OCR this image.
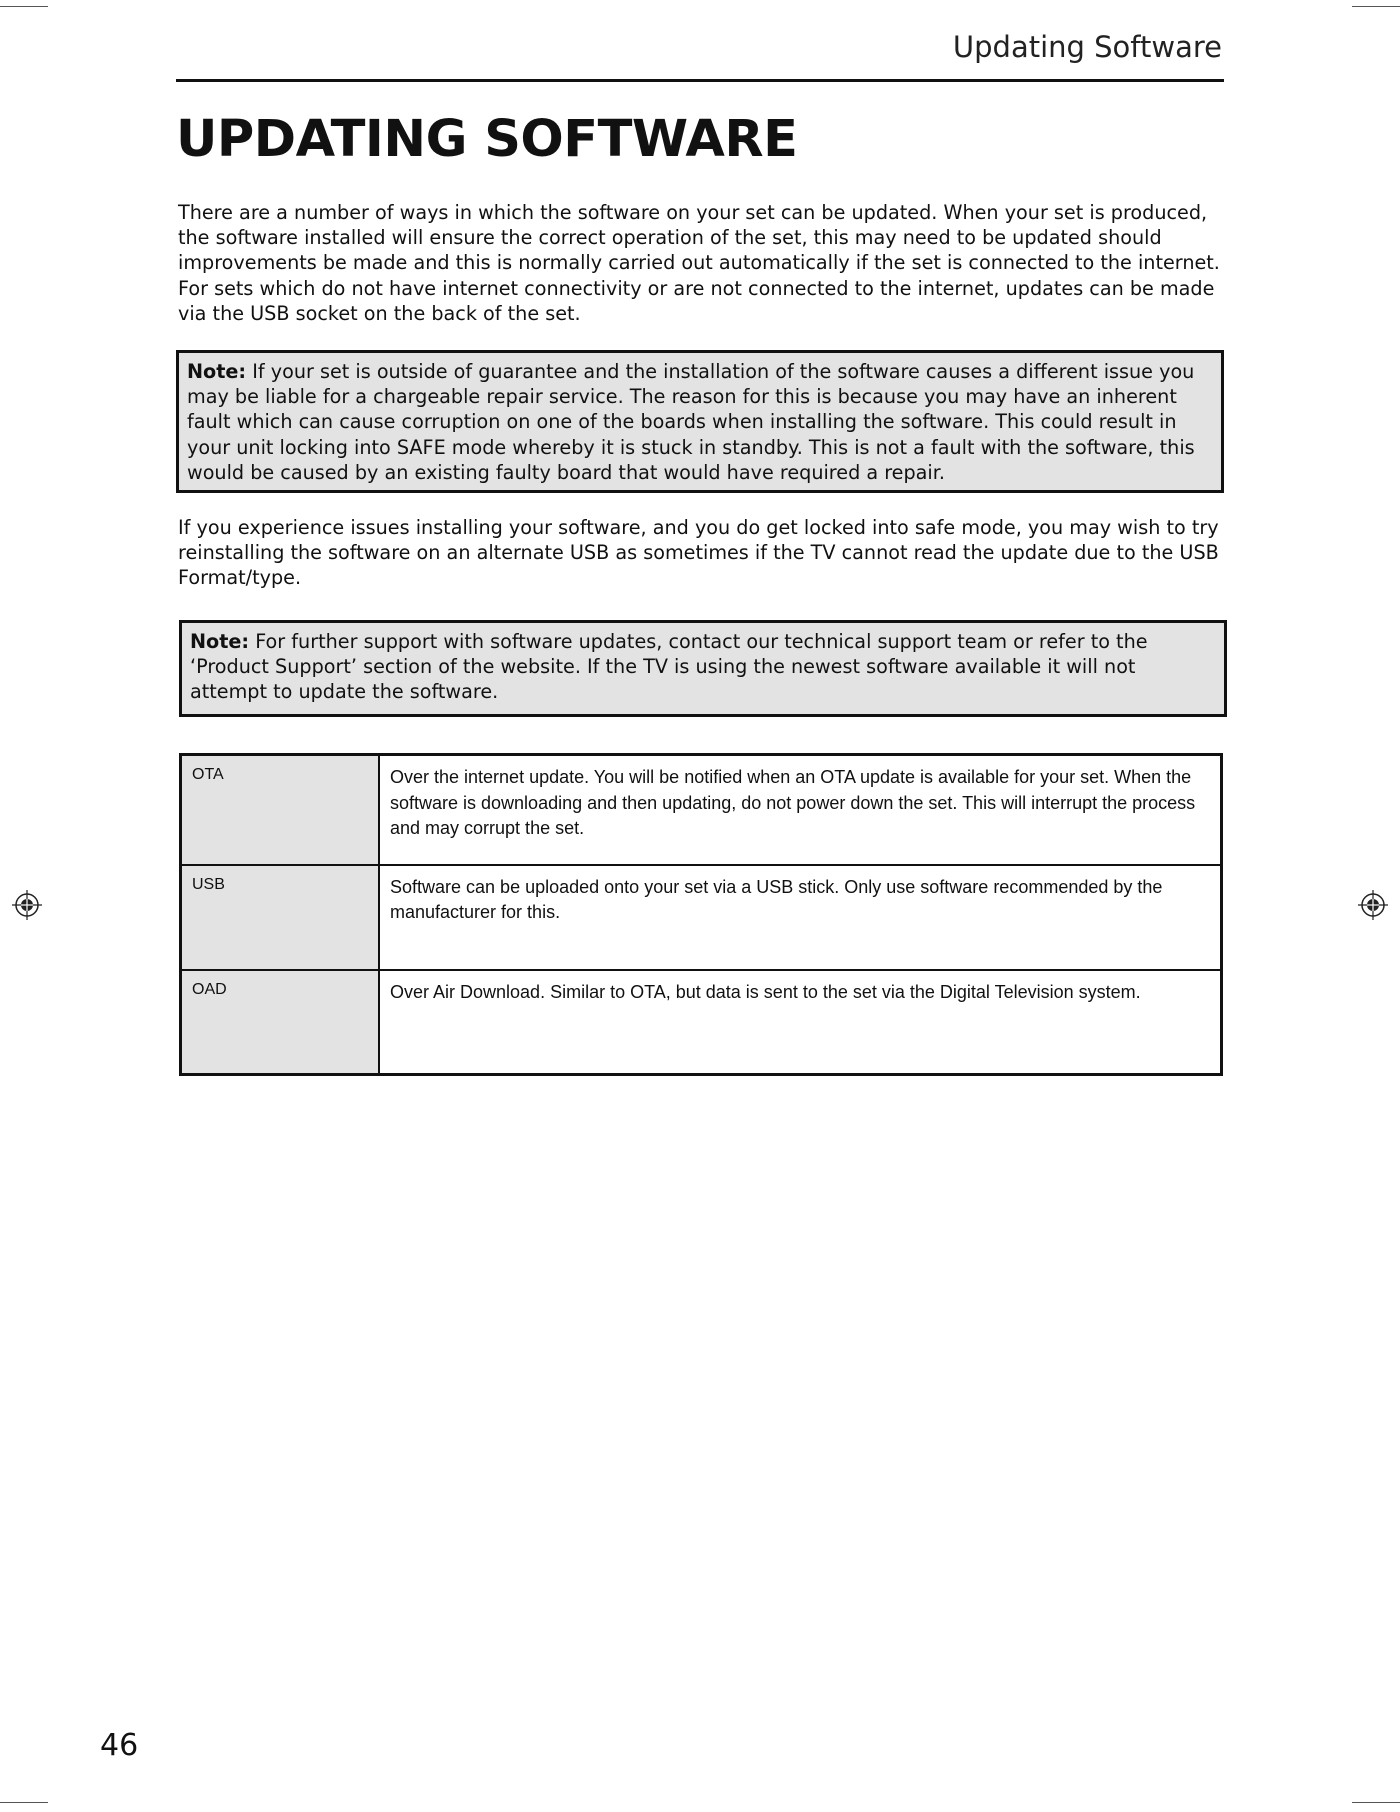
Updating Software
UPDATING SOFTWARE

There are a number of ways in which the software on your set can be updated. When your set is produced, the software installed will ensure the correct operation of the set, this may need to be updated should improvements be made and this is normally carried out automatically if the set is connected to the internet. For sets which do not have internet connectivity or are not connected to the internet, updates can be made via the USB socket on the back of the set.

Note: If your set is outside of guarantee and the installation of the software causes a different issue you may be liable for a chargeable repair service. The reason for this is because you may have an inherent fault which can cause corruption on one of the boards when installing the software. This could result in your unit locking into SAFE mode whereby it is stuck in standby. This is not a fault with the software, this would be caused by an existing faulty board that would have required a repair.

If you experience issues installing your software, and you do get locked into safe mode, you may wish to try reinstalling the software on an alternate USB as sometimes if the TV cannot read the update due to the USB Format/type.

Note: For further support with software updates, contact our technical support team or refer to the ‘Product Support’ section of the website. If the TV is using the newest software available it will not attempt to update the software.
OTA	Over the internet update. You will be notified when an OTA update is available for your set. When the software is downloading and then updating, do not power down the set. This will interrupt the process and may corrupt the set.
USB	Software can be uploaded onto your set via a USB stick. Only use software recommended by the manufacturer for this.
OAD	Over Air Download. Similar to OTA, but data is sent to the set via the Digital Television system.
46
